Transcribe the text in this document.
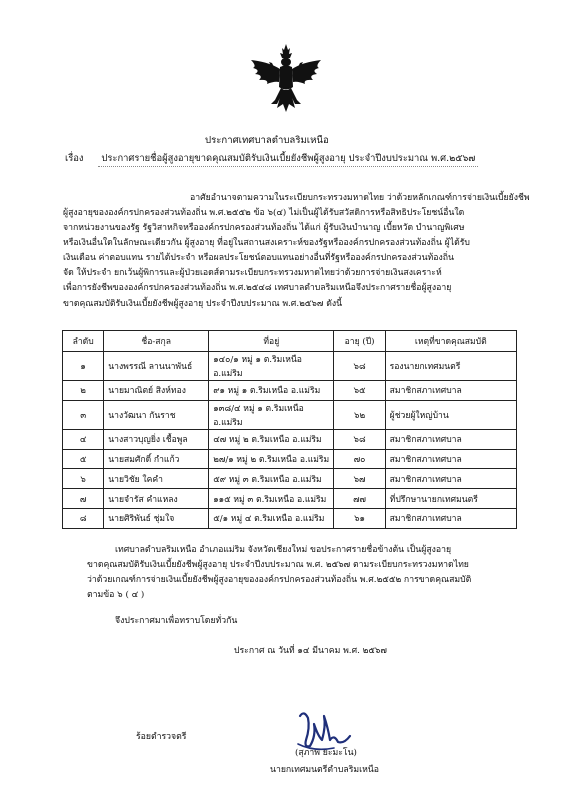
ประกาศเทศบาลตำบลริมเหนือ
เรื่อง ประกาศรายชื่อผู้สูงอายุขาดคุณสมบัติรับเงินเบี้ยยังชีพผู้สูงอายุ ประจำปีงบประมาณ พ.ศ.๒๕๖๗
อาศัยอำนาจตามความในระเบียบกระทรวงมหาดไทย ว่าด้วยหลักเกณฑ์การจ่ายเงินเบี้ยยังชีพ
ผู้สูงอายุขององค์กรปกครองส่วนท้องถิ่น พ.ศ.๒๕๕๒ ข้อ ๖(๔) ไม่เป็นผู้ได้รับสวัสดิการหรือสิทธิประโยชน์อื่นใด
จากหน่วยงานของรัฐ รัฐวิสาหกิจหรือองค์กรปกครองส่วนท้องถิ่น ได้แก่ ผู้รับเงินบำนาญ เบี้ยหวัด บำนาญพิเศษ
หรือเงินอื่นใดในลักษณะเดียวกัน ผู้สูงอายุ ที่อยู่ในสถานสงเคราะห์ของรัฐหรือองค์กรปกครองส่วนท้องถิ่น ผู้ได้รับ
เงินเดือน ค่าตอบแทน รายได้ประจำ หรือผลประโยชน์ตอบแทนอย่างอื่นที่รัฐหรือองค์กรปกครองส่วนท้องถิ่น
จัด ให้ประจำ ยกเว้นผู้พิการและผู้ป่วยเอดส์ตามระเบียบกระทรวงมหาดไทยว่าด้วยการจ่ายเงินสงเคราะห์
เพื่อการยังชีพขององค์กรปกครองส่วนท้องถิ่น พ.ศ.๒๕๔๘ เทศบาลตำบลริมเหนือจึงประกาศรายชื่อผู้สูงอายุ
ขาดคุณสมบัติรับเงินเบี้ยยังชีพผู้สูงอายุ ประจำปีงบประมาณ พ.ศ.๒๕๖๗ ดังนี้
ลำดับ	ชื่อ-สกุล	ที่อยู่	อายุ (ปี)	เหตุที่ขาดคุณสมบัติ
๑	นางพรรณี ลานนาพันธ์	๑๔๐/๑ หมู่ ๑ ต.ริมเหนือ อ.แม่ริม	๖๘	รองนายกเทศมนตรี
๒	นายมาณิตย์ สิงห์ทอง	๙๑ หมู่ ๑ ต.ริมเหนือ อ.แม่ริม	๖๕	สมาชิกสภาเทศบาล
๓	นางวัฒนา กันราช	๑๓๘/๔ หมู่ ๑ ต.ริมเหนือ อ.แม่ริม	๖๒	ผู้ช่วยผู้ใหญ่บ้าน
๔	นางสาวบุญยิ่ง เชื้อพูล	๔๗ หมู่ ๒ ต.ริมเหนือ อ.แม่ริม	๖๘	สมาชิกสภาเทศบาล
๕	นายสมศักดิ์ กำแก้ว	๒๗/๑ หมู่ ๒ ต.ริมเหนือ อ.แม่ริม	๗๐	สมาชิกสภาเทศบาล
๖	นายวิชัย ใคคำ	๕๙ หมู่ ๓ ต.ริมเหนือ อ.แม่ริม	๖๗	สมาชิกสภาเทศบาล
๗	นายจำรัส คำแหลง	๑๑๕ หมู่ ๓ ต.ริมเหนือ อ.แม่ริม	๗๗	ที่ปรึกษานายกเทศมนตรี
๘	นายศิริพันธ์ ชุ่มใจ	๕/๑ หมู่ ๔ ต.ริมเหนือ อ.แม่ริม	๖๑	สมาชิกสภาเทศบาล
เทศบาลตำบลริมเหนือ อำเภอแม่ริม จังหวัดเชียงใหม่ ขอประกาศรายชื่อข้างต้น เป็นผู้สูงอายุ
ขาดคุณสมบัติรับเงินเบี้ยยังชีพผู้สูงอายุ ประจำปีงบประมาณ พ.ศ. ๒๕๖๗ ตามระเบียบกระทรวงมหาดไทย
ว่าด้วยเกณฑ์การจ่ายเงินเบี้ยยังชีพผู้สูงอายุขององค์กรปกครองส่วนท้องถิ่น พ.ศ.๒๕๕๒ การขาดคุณสมบัติ
ตามข้อ ๖ ( ๔ )
จึงประกาศมาเพื่อทราบโดยทั่วกัน
ประกาศ ณ วันที่ ๑๔ มีนาคม พ.ศ. ๒๕๖๗
ร้อยตำรวจตรี
(สุภาพ ยะมะโน)
นายกเทศมนตรีตำบลริมเหนือ
